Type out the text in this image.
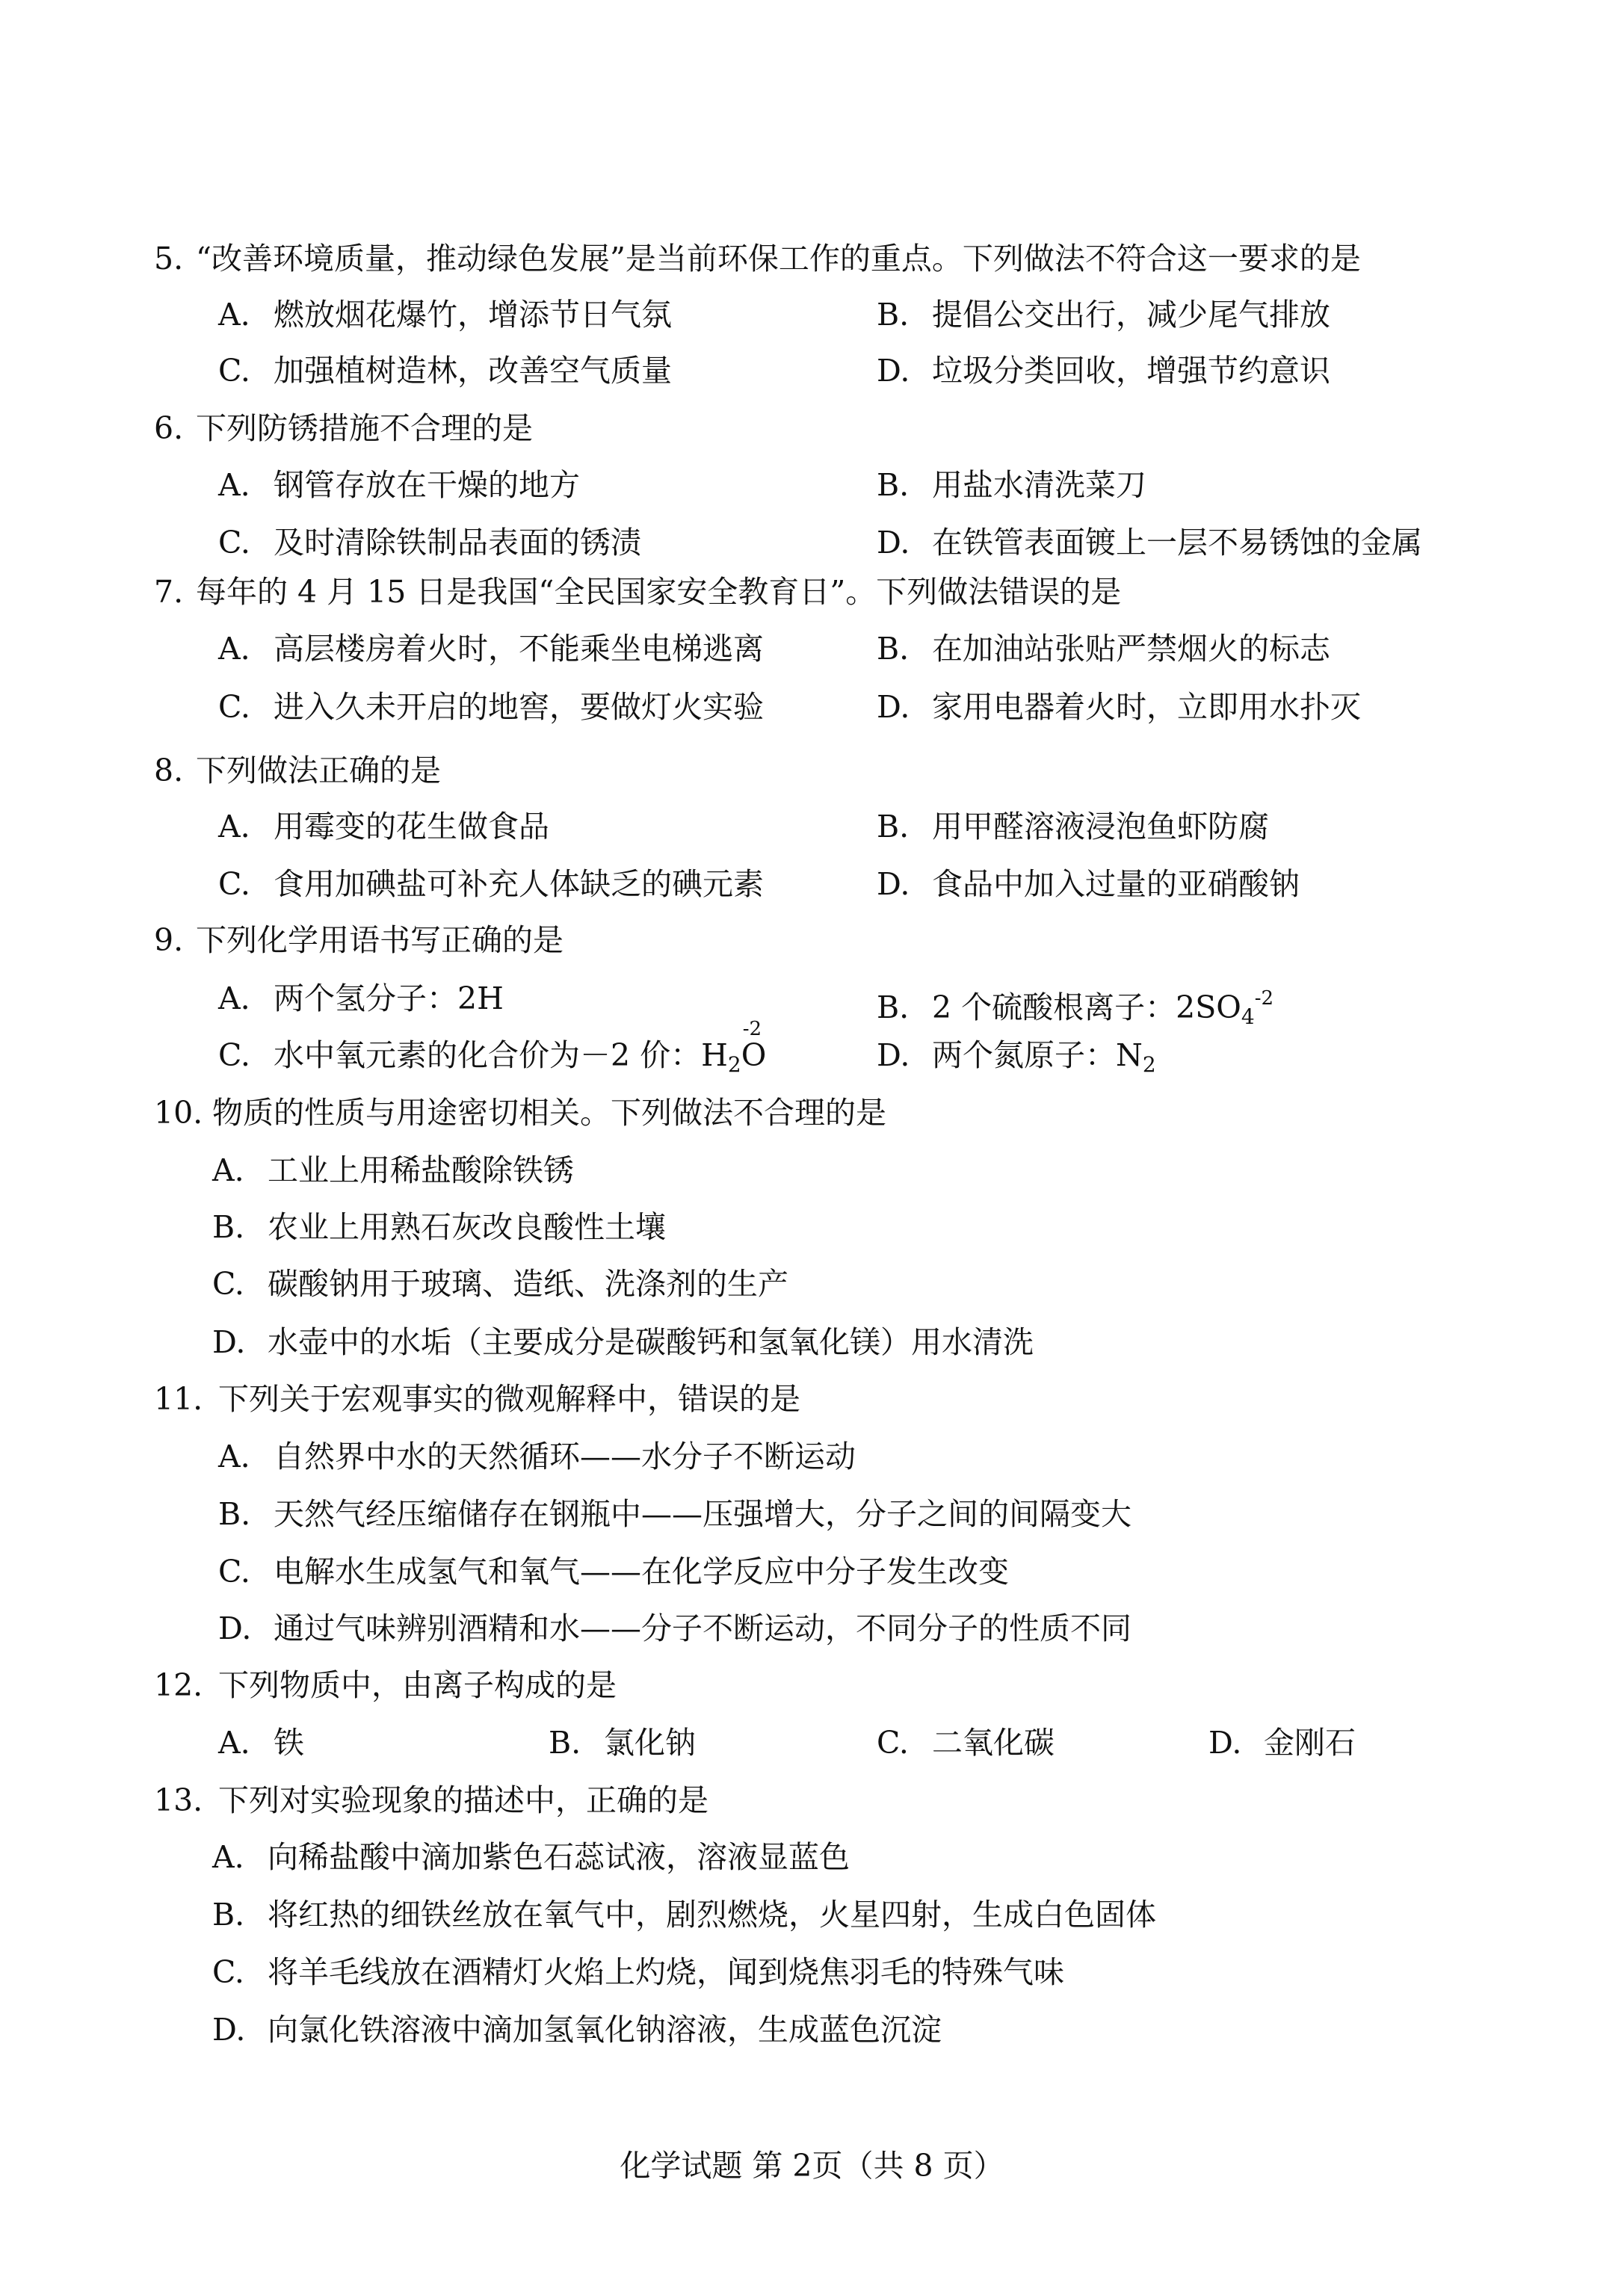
5. “改善环境质量，推动绿色发展”是当前环保工作的重点。下列做法不符合这一要求的是
A. 燃放烟花爆竹，增添节日气氛	B. 提倡公交出行，减少尾气排放
C. 加强植树造林，改善空气质量	D. 垃圾分类回收，增强节约意识
6. 下列防锈措施不合理的是
A. 钢管存放在干燥的地方	B. 用盐水清洗菜刀
C. 及时清除铁制品表面的锈渍	D. 在铁管表面镀上一层不易锈蚀的金属
7. 每年的 4 月 15 日是我国“全民国家安全教育日”。下列做法错误的是
A. 高层楼房着火时，不能乘坐电梯逃离	B. 在加油站张贴严禁烟火的标志
C. 进入久未开启的地窖，要做灯火实验	D. 家用电器着火时，立即用水扑灭
8. 下列做法正确的是
A. 用霉变的花生做食品	B. 用甲醛溶液浸泡鱼虾防腐
C. 食用加碘盐可补充人体缺乏的碘元素	D. 食品中加入过量的亚硝酸钠
9. 下列化学用语书写正确的是
A. 两个氢分子：2H	B. 2 个硫酸根离子：$2SO_4^{-2}$
C. 水中氧元素的化合价为－2 价：$H_2$
-2
O	D. 两个氮原子：$N_2$
10. 物质的性质与用途密切相关。下列做法不合理的是
A. 工业上用稀盐酸除铁锈
B. 农业上用熟石灰改良酸性土壤
C. 碳酸钠用于玻璃、造纸、洗涤剂的生产
D. 水壶中的水垢（主要成分是碳酸钙和氢氧化镁）用水清洗
11. 下列关于宏观事实的微观解释中，错误的是
A. 自然界中水的天然循环——水分子不断运动
B. 天然气经压缩储存在钢瓶中——压强增大，分子之间的间隔变大
C. 电解水生成氢气和氧气——在化学反应中分子发生改变
D. 通过气味辨别酒精和水——分子不断运动，不同分子的性质不同
12. 下列物质中，由离子构成的是
A. 铁	B. 氯化钠	C. 二氧化碳	D. 金刚石
13. 下列对实验现象的描述中，正确的是
A. 向稀盐酸中滴加紫色石蕊试液，溶液显蓝色
B. 将红热的细铁丝放在氧气中，剧烈燃烧，火星四射，生成白色固体
C. 将羊毛线放在酒精灯火焰上灼烧，闻到烧焦羽毛的特殊气味
D. 向氯化铁溶液中滴加氢氧化钠溶液，生成蓝色沉淀
化学试题 第 2页（共 8 页）
